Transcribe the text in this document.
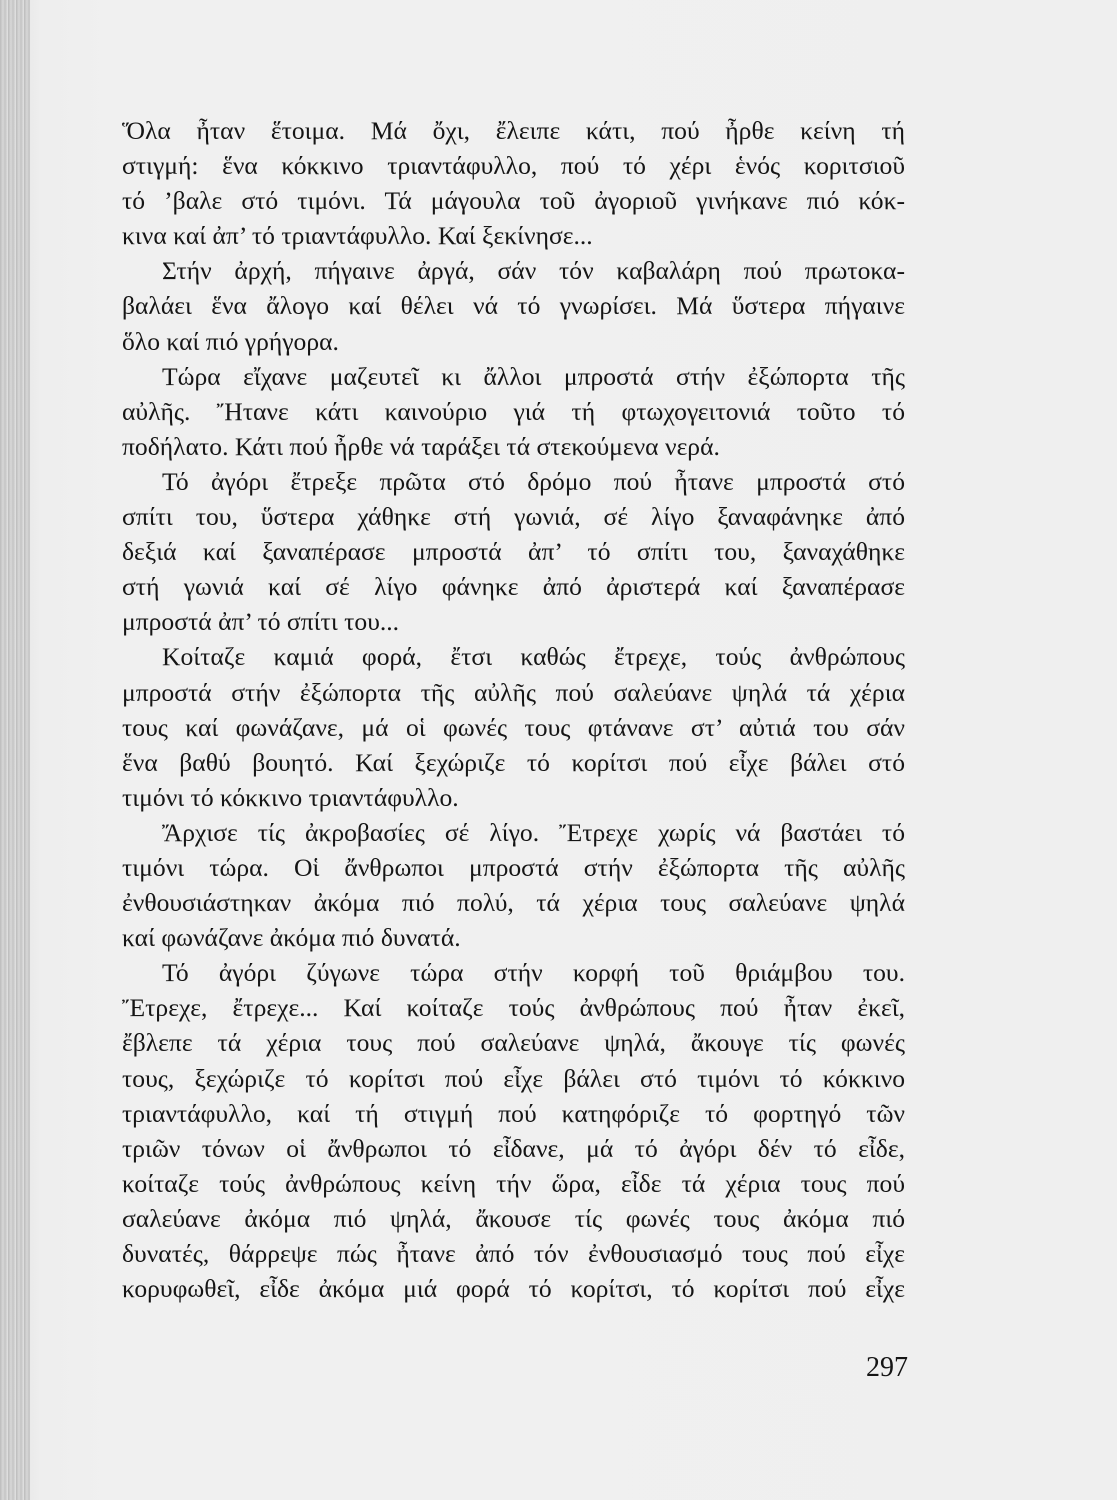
Ὅλα ἦταν ἕτοιμα. Μά ὄχι, ἔλειπε κάτι, πού ἦρθε κείνη τή
στιγμή: ἕνα κόκκινο τριαντάφυλλο, πού τό χέρι ἑνός κοριτσιοῦ
τό ’βαλε στό τιμόνι. Τά μάγουλα τοῦ ἀγοριοῦ γινήκανε πιό κόκ-
κινα καί ἀπ’ τό τριαντάφυλλο. Καί ξεκίνησε...
Στήν ἀρχή, πήγαινε ἀργά, σάν τόν καβαλάρη πού πρωτοκα-
βαλάει ἕνα ἄλογο καί θέλει νά τό γνωρίσει. Μά ὕστερα πήγαινε
ὅλο καί πιό γρήγορα.
Τώρα εἴχανε μαζευτεῖ κι ἄλλοι μπροστά στήν ἐξώπορτα τῆς
αὐλῆς. Ἤτανε κάτι καινούριο γιά τή φτωχογειτονιά τοῦτο τό
ποδήλατο. Κάτι πού ἦρθε νά ταράξει τά στεκούμενα νερά.
Τό ἀγόρι ἔτρεξε πρῶτα στό δρόμο πού ἦτανε μπροστά στό
σπίτι του, ὕστερα χάθηκε στή γωνιά, σέ λίγο ξαναφάνηκε ἀπό
δεξιά καί ξαναπέρασε μπροστά ἀπ’ τό σπίτι του, ξαναχάθηκε
στή γωνιά καί σέ λίγο φάνηκε ἀπό ἀριστερά καί ξαναπέρασε
μπροστά ἀπ’ τό σπίτι του...
Κοίταζε καμιά φορά, ἔτσι καθώς ἔτρεχε, τούς ἀνθρώπους
μπροστά στήν ἐξώπορτα τῆς αὐλῆς πού σαλεύανε ψηλά τά χέρια
τους καί φωνάζανε, μά οἱ φωνές τους φτάνανε στ’ αὐτιά του σάν
ἕνα βαθύ βουητό. Καί ξεχώριζε τό κορίτσι πού εἶχε βάλει στό
τιμόνι τό κόκκινο τριαντάφυλλο.
Ἄρχισε τίς ἀκροβασίες σέ λίγο. Ἔτρεχε χωρίς νά βαστάει τό
τιμόνι τώρα. Οἱ ἄνθρωποι μπροστά στήν ἐξώπορτα τῆς αὐλῆς
ἐνθουσιάστηκαν ἀκόμα πιό πολύ, τά χέρια τους σαλεύανε ψηλά
καί φωνάζανε ἀκόμα πιό δυνατά.
Τό ἀγόρι ζύγωνε τώρα στήν κορφή τοῦ θριάμβου του.
Ἔτρεχε, ἔτρεχε... Καί κοίταζε τούς ἀνθρώπους πού ἦταν ἐκεῖ,
ἔβλεπε τά χέρια τους πού σαλεύανε ψηλά, ἄκουγε τίς φωνές
τους, ξεχώριζε τό κορίτσι πού εἶχε βάλει στό τιμόνι τό κόκκινο
τριαντάφυλλο, καί τή στιγμή πού κατηφόριζε τό φορτηγό τῶν
τριῶν τόνων οἱ ἄνθρωποι τό εἶδανε, μά τό ἀγόρι δέν τό εἶδε,
κοίταζε τούς ἀνθρώπους κείνη τήν ὥρα, εἶδε τά χέρια τους πού
σαλεύανε ἀκόμα πιό ψηλά, ἄκουσε τίς φωνές τους ἀκόμα πιό
δυνατές, θάρρεψε πώς ἦτανε ἀπό τόν ἐνθουσιασμό τους πού εἶχε
κορυφωθεῖ, εἶδε ἀκόμα μιά φορά τό κορίτσι, τό κορίτσι πού εἶχε
297
